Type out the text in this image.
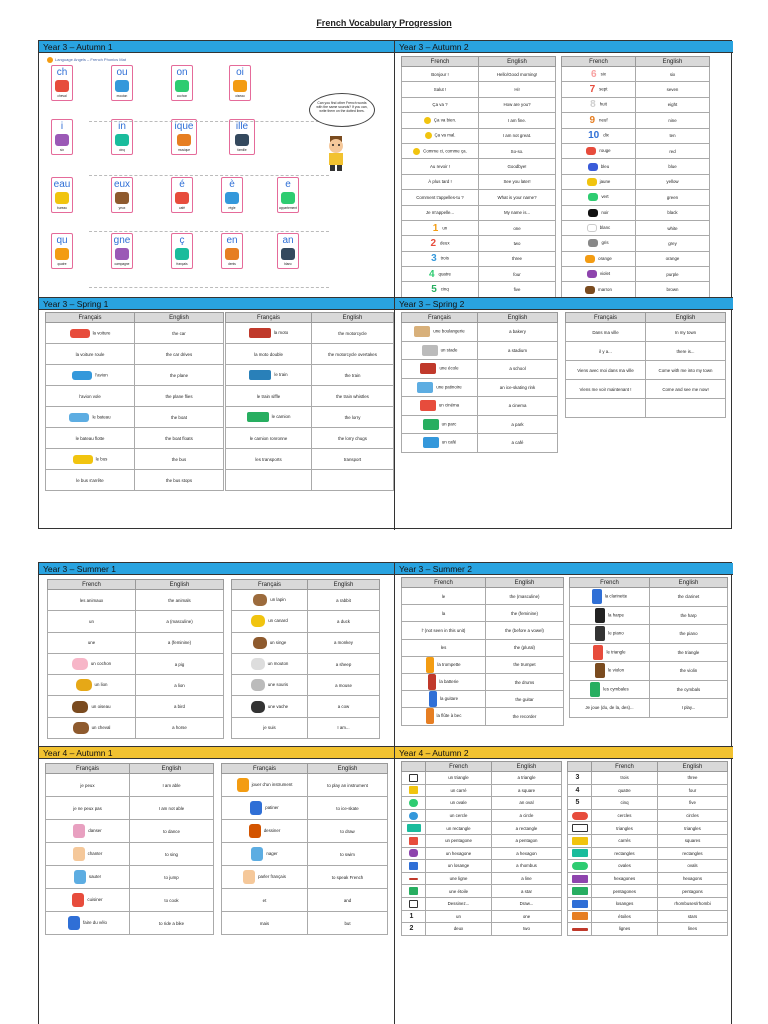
French Vocabulary Progression
Year 3 – Autumn 1
Language Angels – French Phonics Mat
ch
cheval
ou
mouton
on
cochon
oi
oiseau
i
six
in
cinq
ique
musique
ille
famille
eau
bureau
eux
yeux
é
café
è
règle
e
appartement
qu
quatre
gne
campagne
ç
français
en
dents
an
blanc
Can you find other French words with the same sounds? If you can, write them on the dotted lines.
Year 3 – Autumn 2
French	English
Bonjour !	Hello/Good morning!
Salut !	Hi!
Ça va ?	How are you?
Ça va bien.	I am fine.
Ça va mal.	I am not great.
Comme ci, comme ça.	So-so.
Au revoir !	Goodbye!
À plus tard !	See you later!
Comment t'appelles-tu ?	What is your name?
Je m'appelle...	My name is...
1 un	one
2 deux	two
3 trois	three
4 quatre	four
5 cinq	five
French	English
6 six	six
7 sept	seven
8 huit	eight
9 neuf	nine
10 dix	ten
rouge	red
bleu	blue
jaune	yellow
vert	green
noir	black
blanc	white
gris	grey
orange	orange
violet	purple
marron	brown
Year 3 – Spring 1
Français	English
la voiture	the car
la voiture roule	the car drives
l'avion	the plane
l'avion vole	the plane flies
le bateau	the boat
le bateau flotte	the boat floats
le bus	the bus
le bus s'arrête	the bus stops
Français	English
la moto	the motorcycle
la moto double	the motorcycle overtakes
le train	the train
le train siffle	the train whistles
le camion	the lorry
le camion ronronne	the lorry chugs
les transports	transport

Year 3 – Spring 2
Français	English
une boulangerie	a bakery
un stade	a stadium
une école	a school
une patinoire	an ice-skating rink
un cinéma	a cinema
un parc	a park
un café	a café
Français	English
Dans ma ville	In my town
il y a...	there is...
Viens avec moi dans ma ville	Come with me into my town
Viens me voir maintenant !	Come and see me now!

Year 3 – Summer 1
French	English
les animaux	the animals
un	a (masculine)
une	a (feminine)
un cochon	a pig
un lion	a lion
un oiseau	a bird
un cheval	a horse
Français	English
un lapin	a rabbit
un canard	a duck
un singe	a monkey
un mouton	a sheep
une souris	a mouse
une vache	a cow
je suis	I am...
Year 3 – Summer 2
French	English
le	the (masculine)
la	the (feminine)
l' (not seen in this unit)	the (before a vowel)
les	the (plural)
la trompette	the trumpet
la batterie	the drums
la guitare	the guitar
la flûte à bec	the recorder
French	English
la clarinette	the clarinet
la harpe	the harp
le piano	the piano
le triangle	the triangle
le violon	the violin
les cymbales	the cymbals
Je joue (du, de la, des)...	I play...
Year 4 – Autumn 1
Français	English
je peux	I am able
je ne peux pas	I am not able
danser	to dance
chanter	to sing
sauter	to jump
cuisiner	to cook
faire du vélo	to ride a bike
Français	English
jouer d'un instrument	to play an instrument
patiner	to ice-skate
dessiner	to draw
nager	to swim
parler français	to speak French
et	and
mais	but
Year 4 – Autumn 2
	French	English
	un triangle	a triangle
	un carré	a square
	un ovale	an oval
	un cercle	a circle
	un rectangle	a rectangle
	un pentagone	a pentagon
	un hexagone	a hexagon
	un losange	a rhombus
	une ligne	a line
	une étoile	a star
	Dessinez...	Draw...
1	un	one
2	deux	two
	French	English
3	trois	three
4	quatre	four
5	cinq	five
	cercles	circles
	triangles	triangles
	carrés	squares
	rectangles	rectangles
	ovales	ovals
	hexagones	hexagons
	pentagones	pentagons
	losanges	rhombuses/rhombi
	étoiles	stars
	lignes	lines
